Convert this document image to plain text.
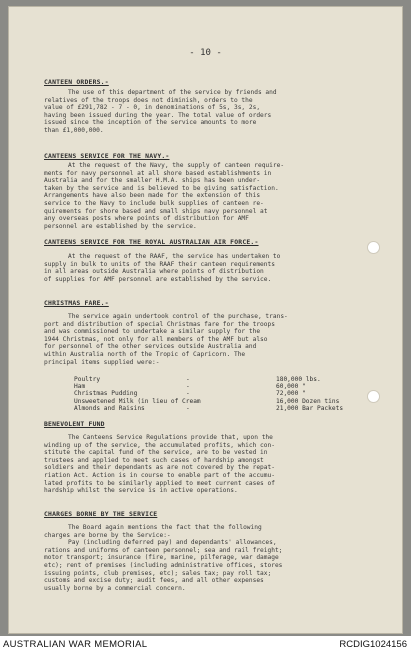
- 10 -
CANTEEN ORDERS.-
The use of this department of the service by friends and
relatives of the troops does not diminish, orders to the
value of £291,782 - 7 - 0, in denominations of 5s, 3s, 2s,
having been issued during the year. The total value of orders
issued since the inception of the service amounts to more
than £1,000,000.
CANTEENS SERVICE FOR THE NAVY.-
At the request of the Navy, the supply of canteen require-
ments for navy personnel at all shore based establishments in
Australia and for the smaller H.M.A. ships has been under-
taken by the service and is believed to be giving satisfaction.
Arrangements have also been made for the extension of this
service to the Navy to include bulk supplies of canteen re-
quirements for shore based and small ships navy personnel at
any overseas posts where points of distribution for AMF
personnel are established by the service.
CANTEENS SERVICE FOR THE ROYAL AUSTRALIAN AIR FORCE.-
At the request of the RAAF, the service has undertaken to
supply in bulk to units of the RAAF their canteen requirements
in all areas outside Australia where points of distribution
of supplies for AMF personnel are established by the service.
CHRISTMAS FARE.-
The service again undertook control of the purchase, trans-
port and distribution of special Christmas fare for the troops
and was commissioned to undertake a similar supply for the
1944 Christmas, not only for all members of the AMF but also
for personnel of the other services outside Australia and
within Australia north of the Tropic of Capricorn. The
principal items supplied were:-
Poultry	-	180,000 lbs.
Ham	-	60,000 "
Christmas Pudding	-	72,000 "
Unsweetened Milk (in lieu of Cream	16,000 Dozen tins
Almonds and Raisins	-	21,000 Bar Packets
BENEVOLENT FUND
The Canteens Service Regulations provide that, upon the
winding up of the service, the accumulated profits, which con-
stitute the capital fund of the service, are to be vested in
trustees and applied to meet such cases of hardship amongst
soldiers and their dependants as are not covered by the repat-
riation Act. Action is in course to enable part of the accumu-
lated profits to be similarly applied to meet current cases of
hardship whilst the service is in active operations.
CHARGES BORNE BY THE SERVICE
The Board again mentions the fact that the following
charges are borne by the Service:-
Pay (including deferred pay) and dependants' allowances,
rations and uniforms of canteen personnel; sea and rail freight;
motor transport; insurance (fire, marine, pilferage, war damage
etc); rent of premises (including administrative offices, stores
issuing points, club premises, etc); sales tax; pay roll tax;
customs and excise duty; audit fees, and all other expenses
usually borne by a commercial concern.
AUSTRALIAN WAR MEMORIAL	RCDIG1024156
